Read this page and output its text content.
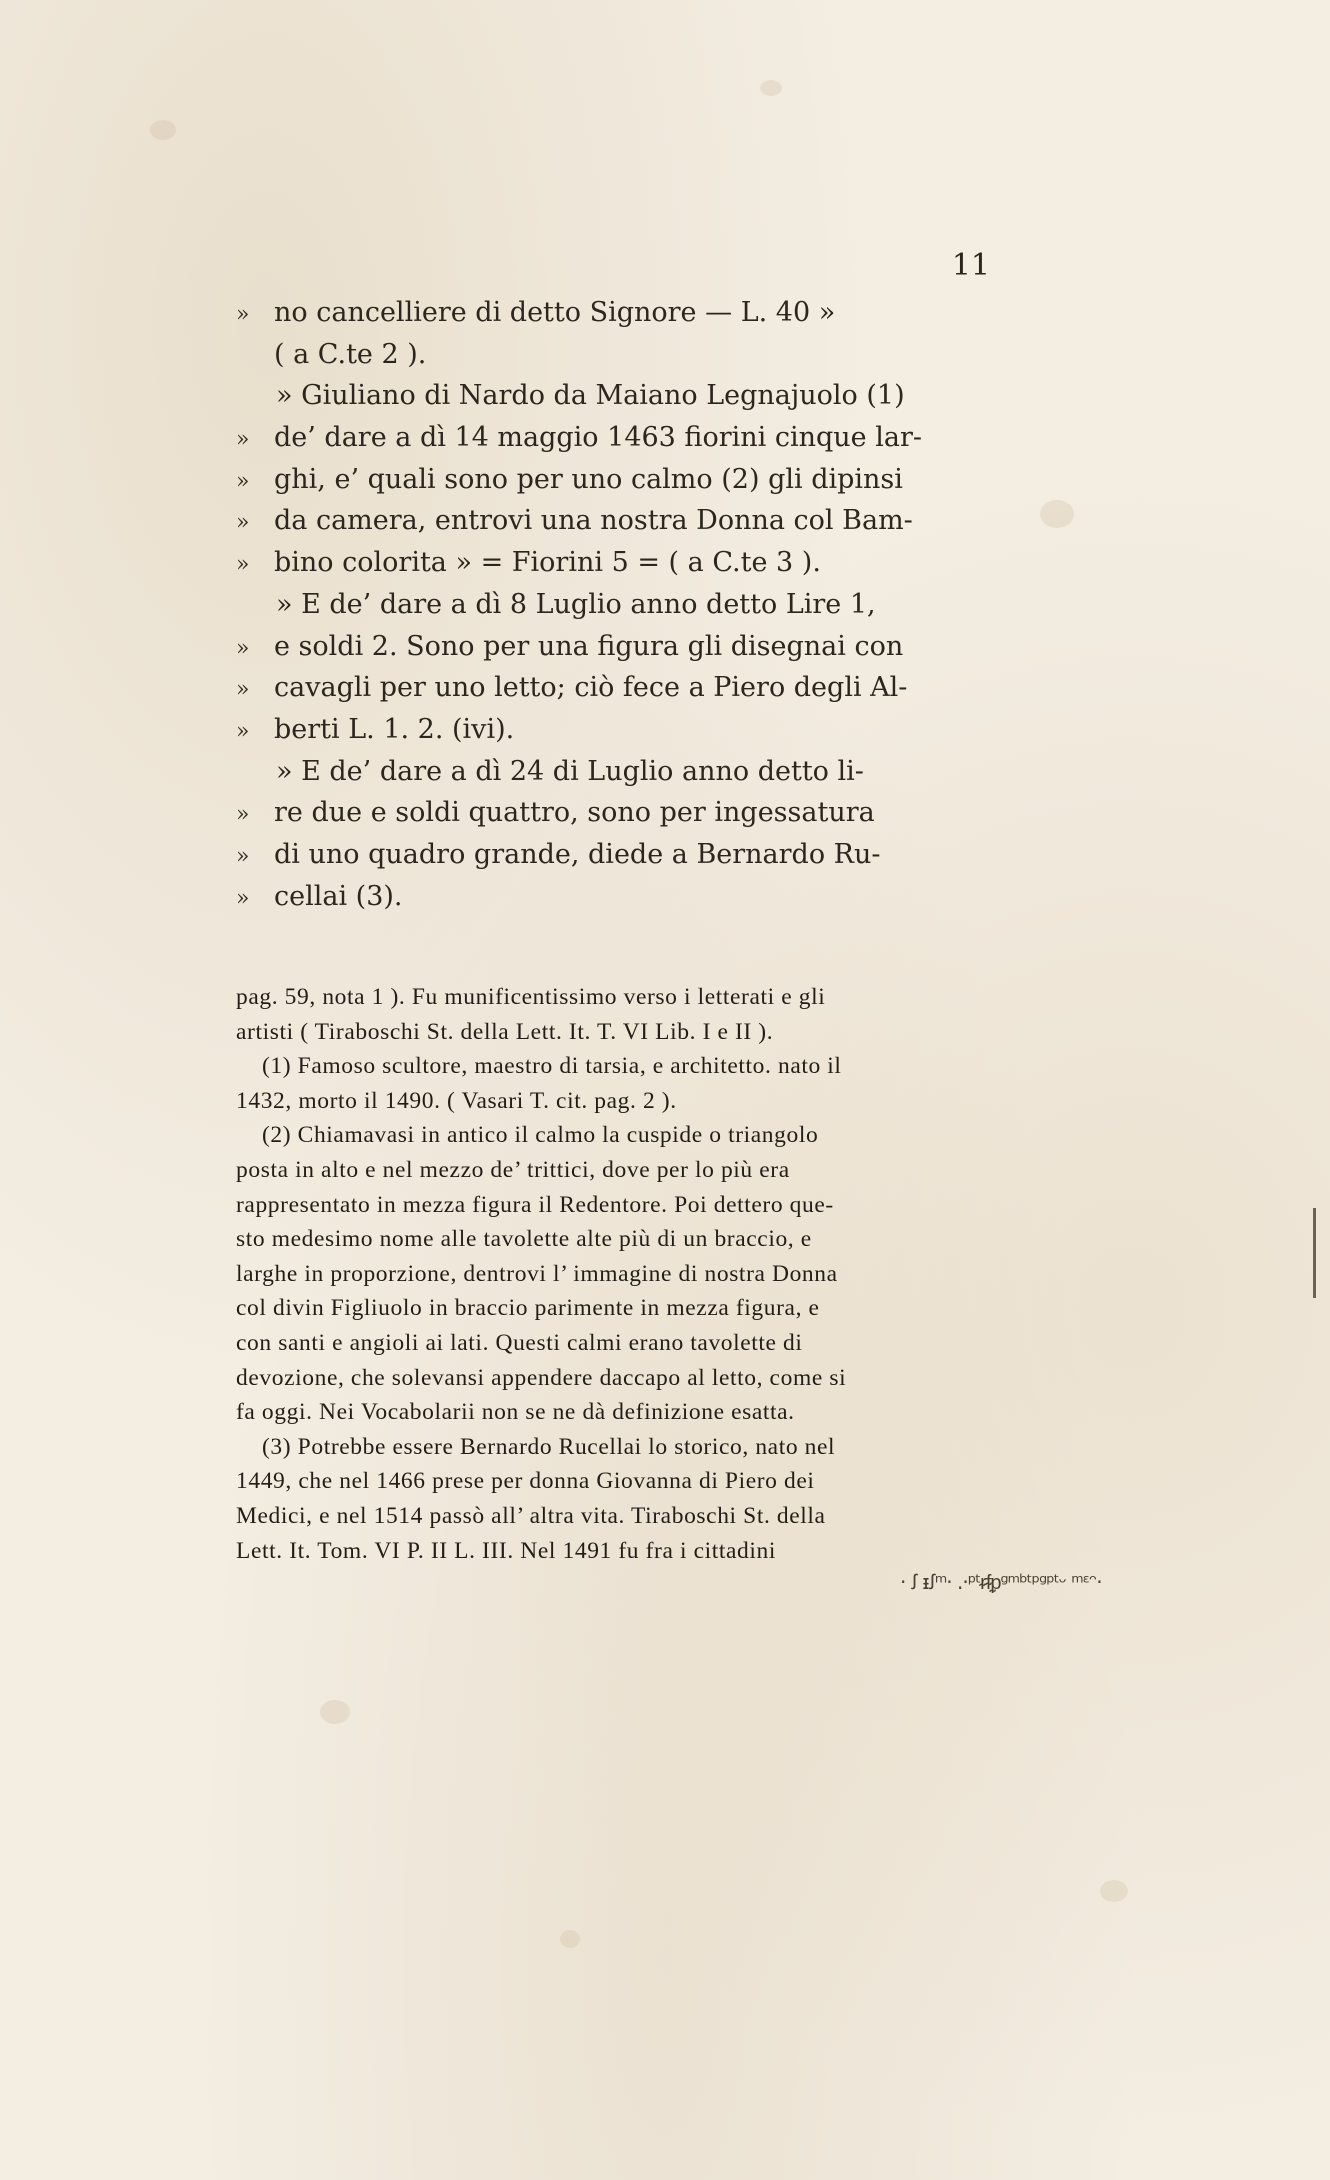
11
» no cancelliere di detto Signore — L. 40 »
( a C.te 2 ).
» Giuliano di Nardo da Maiano Legnajuolo (1)
» de’ dare a dì 14 maggio 1463 fiorini cinque lar-
» ghi, e’ quali sono per uno calmo (2) gli dipinsi
» da camera, entrovi una nostra Donna col Bam-
» bino colorita » = Fiorini 5 = ( a C.te 3 ).
» E de’ dare a dì 8 Luglio anno detto Lire 1,
» e soldi 2. Sono per una figura gli disegnai con
» cavagli per uno letto; ciò fece a Piero degli Al-
» berti L. 1. 2. (ivi).
» E de’ dare a dì 24 di Luglio anno detto li-
» re due e soldi quattro, sono per ingessatura
» di uno quadro grande, diede a Bernardo Ru-
» cellai (3).
pag. 59, nota 1 ). Fu munificentissimo verso i letterati e gli
artisti ( Tiraboschi St. della Lett. It. T. VI Lib. I e II ).
(1) Famoso scultore, maestro di tarsia, e architetto. nato il
1432, morto il 1490. ( Vasari T. cit. pag. 2 ).
(2) Chiamavasi in antico il calmo la cuspide o triangolo
posta in alto e nel mezzo de’ trittici, dove per lo più era
rappresentato in mezza figura il Redentore. Poi dettero que-
sto medesimo nome alle tavolette alte più di un braccio, e
larghe in proporzione, dentrovi l’ immagine di nostra Donna
col divin Figliuolo in braccio parimente in mezza figura, e
con santi e angioli ai lati. Questi calmi erano tavolette di
devozione, che solevansi appendere daccapo al letto, come si
fa oggi. Nei Vocabolarii non se ne dà definizione esatta.
(3) Potrebbe essere Bernardo Rucellai lo storico, nato nel
1449, che nel 1466 prese per donna Giovanna di Piero dei
Medici, e nel 1514 passò all’ altra vita. Tiraboschi St. della
Lett. It. Tom. VI P. II L. III. Nel 1491 fu fra i cittadini
· ꭍ ᵻꭍᵐ· .·ᵖᵗᵲᵮᵱᵍᵐᵇᵗᵖᵍᵖᵗᵕ ᵐᵋᵔ·
